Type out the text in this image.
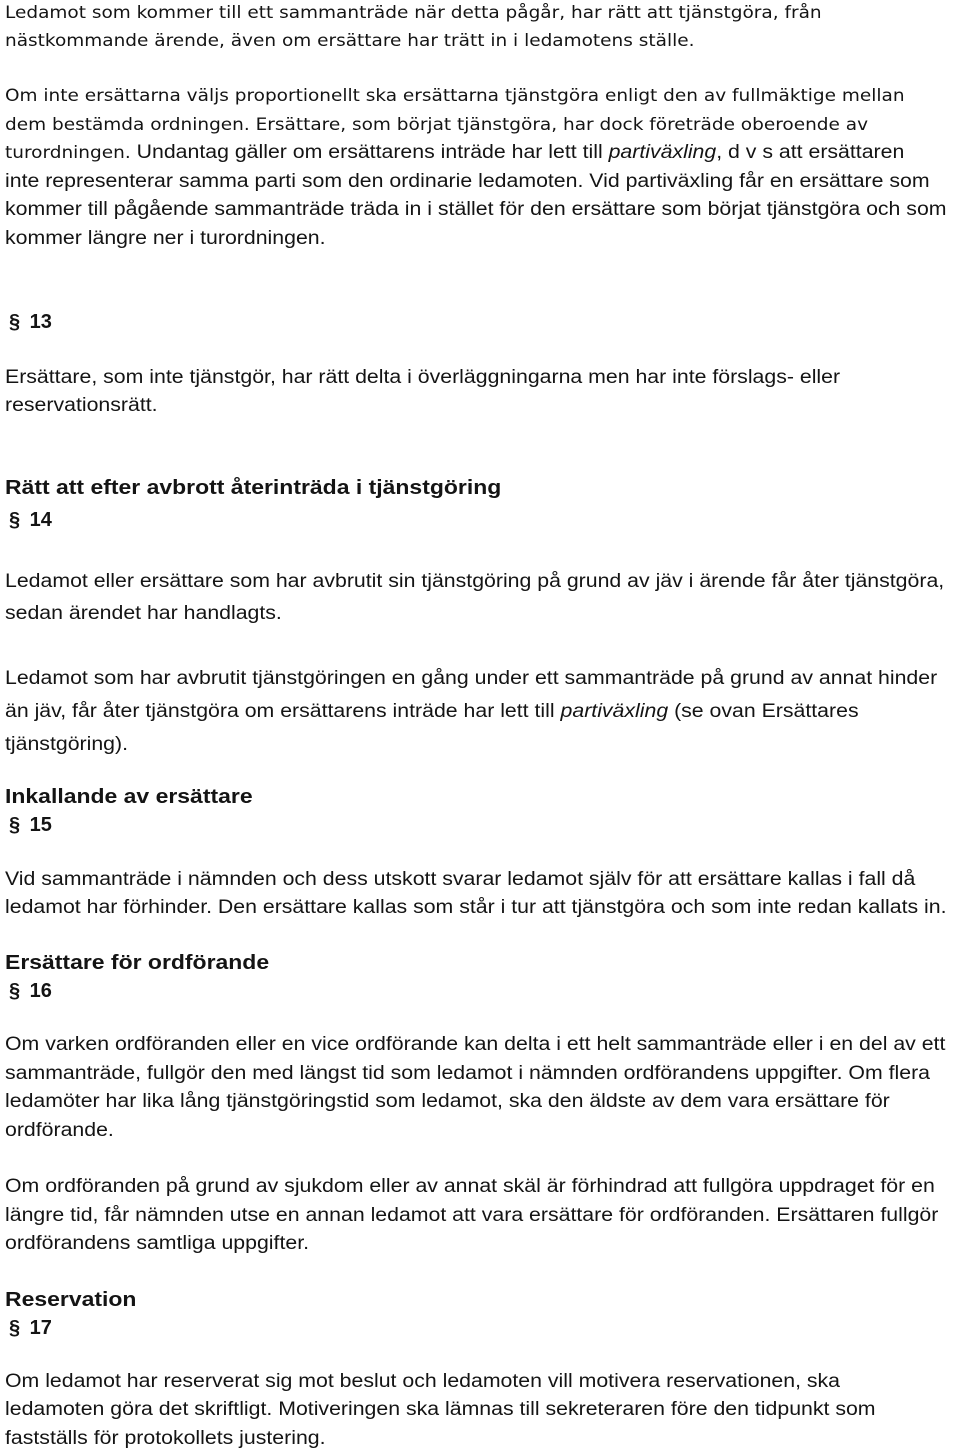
Ledamot som kommer till ett sammanträde när detta pågår, har rätt att tjänstgöra, från
nästkommande ärende, även om ersättare har trätt in i ledamotens ställe.
Om inte ersättarna väljs proportionellt ska ersättarna tjänstgöra enligt den av fullmäktige mellan
dem bestämda ordningen. Ersättare, som börjat tjänstgöra, har dock företräde oberoende av
turordningen. Undantag gäller om ersättarens inträde har lett till partiväxling, d v s att ersättaren
inte representerar samma parti som den ordinarie ledamoten. Vid partiväxling får en ersättare som
kommer till pågående sammanträde träda in i stället för den ersättare som börjat tjänstgöra och som
kommer längre ner i turordningen.
§ 13
Ersättare, som inte tjänstgör, har rätt delta i överläggningarna men har inte förslags- eller
reservationsrätt.
Rätt att efter avbrott återinträda i tjänstgöring
§ 14
Ledamot eller ersättare som har avbrutit sin tjänstgöring på grund av jäv i ärende får åter tjänstgöra,
sedan ärendet har handlagts.
Ledamot som har avbrutit tjänstgöringen en gång under ett sammanträde på grund av annat hinder
än jäv, får åter tjänstgöra om ersättarens inträde har lett till partiväxling (se ovan Ersättares
tjänstgöring).
Inkallande av ersättare
§ 15
Vid sammanträde i nämnden och dess utskott svarar ledamot själv för att ersättare kallas i fall då
ledamot har förhinder. Den ersättare kallas som står i tur att tjänstgöra och som inte redan kallats in.
Ersättare för ordförande
§ 16
Om varken ordföranden eller en vice ordförande kan delta i ett helt sammanträde eller i en del av ett
sammanträde, fullgör den med längst tid som ledamot i nämnden ordförandens uppgifter. Om flera
ledamöter har lika lång tjänstgöringstid som ledamot, ska den äldste av dem vara ersättare för
ordförande.
Om ordföranden på grund av sjukdom eller av annat skäl är förhindrad att fullgöra uppdraget för en
längre tid, får nämnden utse en annan ledamot att vara ersättare för ordföranden. Ersättaren fullgör
ordförandens samtliga uppgifter.
Reservation
§ 17
Om ledamot har reserverat sig mot beslut och ledamoten vill motivera reservationen, ska
ledamoten göra det skriftligt. Motiveringen ska lämnas till sekreteraren före den tidpunkt som
fastställs för protokollets justering.
